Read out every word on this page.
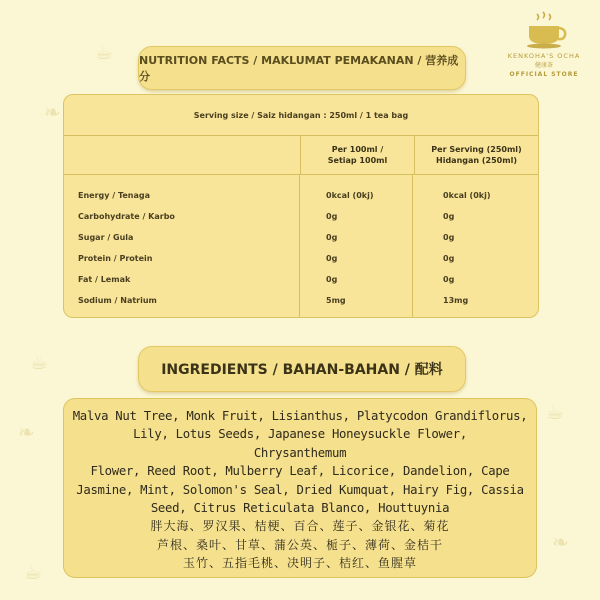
❧
☕
❧
☕
☕
❧
☕
KENKOHA'S OCHA
健康茶
OFFICIAL STORE
NUTRITION FACTS / MAKLUMAT PEMAKANAN / 营养成分
Serving size / Saiz hidangan : 250ml / 1 tea bag
Per 100ml /
Setiap 100ml
Per Serving (250ml)
Hidangan (250ml)
Energy / Tenaga
Carbohydrate / Karbo
Sugar / Gula
Protein / Protein
Fat / Lemak
Sodium / Natrium
0kcal (0kj)
0g
0g
0g
0g
5mg
0kcal (0kj)
0g
0g
0g
0g
13mg
INGREDIENTS / BAHAN-BAHAN / 配料
Malva Nut Tree, Monk Fruit, Lisianthus, Platycodon Grandiflorus,
Lily, Lotus Seeds, Japanese Honeysuckle Flower,
Chrysanthemum
Flower, Reed Root, Mulberry Leaf, Licorice, Dandelion, Cape
Jasmine, Mint, Solomon's Seal, Dried Kumquat, Hairy Fig, Cassia
Seed, Citrus Reticulata Blanco, Houttuynia
胖大海、罗汉果、桔梗、百合、莲子、金银花、菊花
芦根、桑叶、甘草、蒲公英、栀子、薄荷、金桔干
玉竹、五指毛桃、决明子、桔红、鱼腥草
